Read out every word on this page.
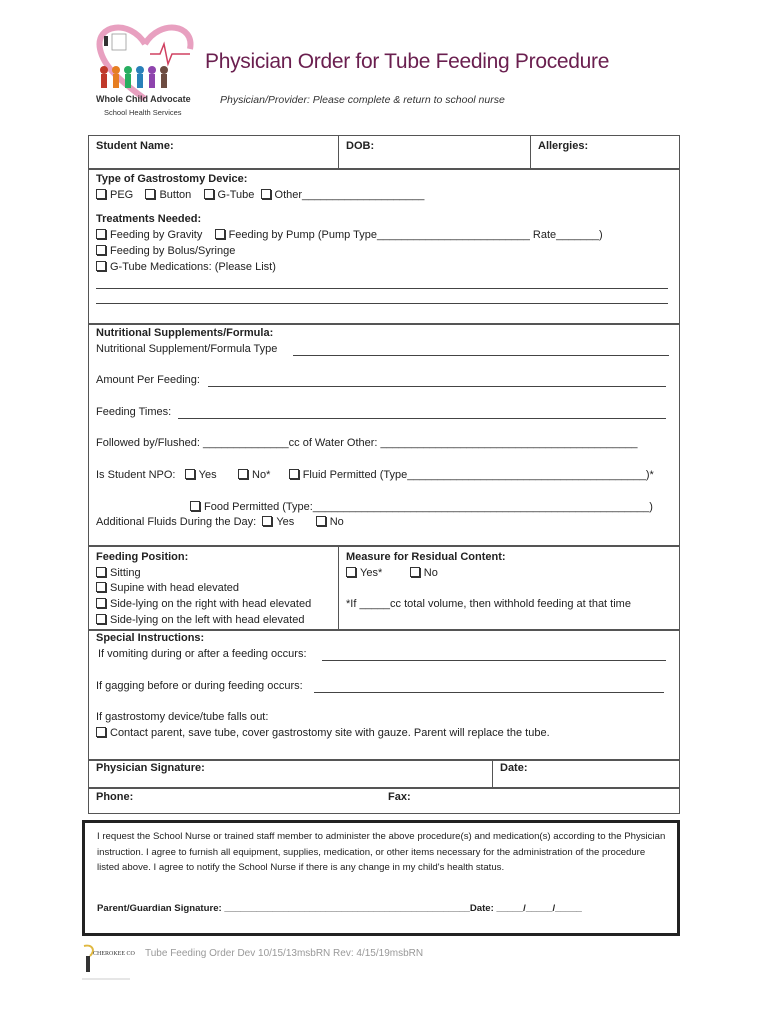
Whole Child Advocate
School Health Services
Physician Order for Tube Feeding Procedure
Physician/Provider: Please complete & return to school nurse
Student Name:	DOB:	Allergies:
Type of Gastrostomy Device:
PEG Button G-Tube Other____________________
Treatments Needed:
Feeding by Gravity Feeding by Pump (Pump Type_________________________ Rate_______)
Feeding by Bolus/Syringe
G-Tube Medications: (Please List)
Nutritional Supplements/Formula:
Nutritional Supplement/Formula Type
Amount Per Feeding:
Feeding Times:
Followed by/Flushed: ______________cc of Water Other: __________________________________________
Is Student NPO: Yes	No*	Fluid Permitted (Type_______________________________________)*
Food Permitted (Type:_______________________________________________________)
Additional Fluids During the Day: Yes	No
Feeding Position:
Sitting
Supine with head elevated
Side-lying on the right with head elevated
Side-lying on the left with head elevated
Measure for Residual Content:
Yes*	No
*If _____cc total volume, then withhold feeding at that time
Special Instructions:
If vomiting during or after a feeding occurs:
If gagging before or during feeding occurs:
If gastrostomy device/tube falls out:
Contact parent, save tube, cover gastrostomy site with gauze. Parent will replace the tube.
Physician Signature:	Date:
Phone:	Fax:
I request the School Nurse or trained staff member to administer the above procedure(s) and medication(s) according to the Physician instruction. I agree to furnish all equipment, supplies, medication, or other items necessary for the administration of the procedure listed above. I agree to notify the School Nurse if there is any change in my child's health status.
Parent/Guardian Signature: ______________________________________________Date: _____/_____/_____
CHEROKEE CO	Tube Feeding Order Dev 10/15/13msbRN Rev: 4/15/19msbRN
